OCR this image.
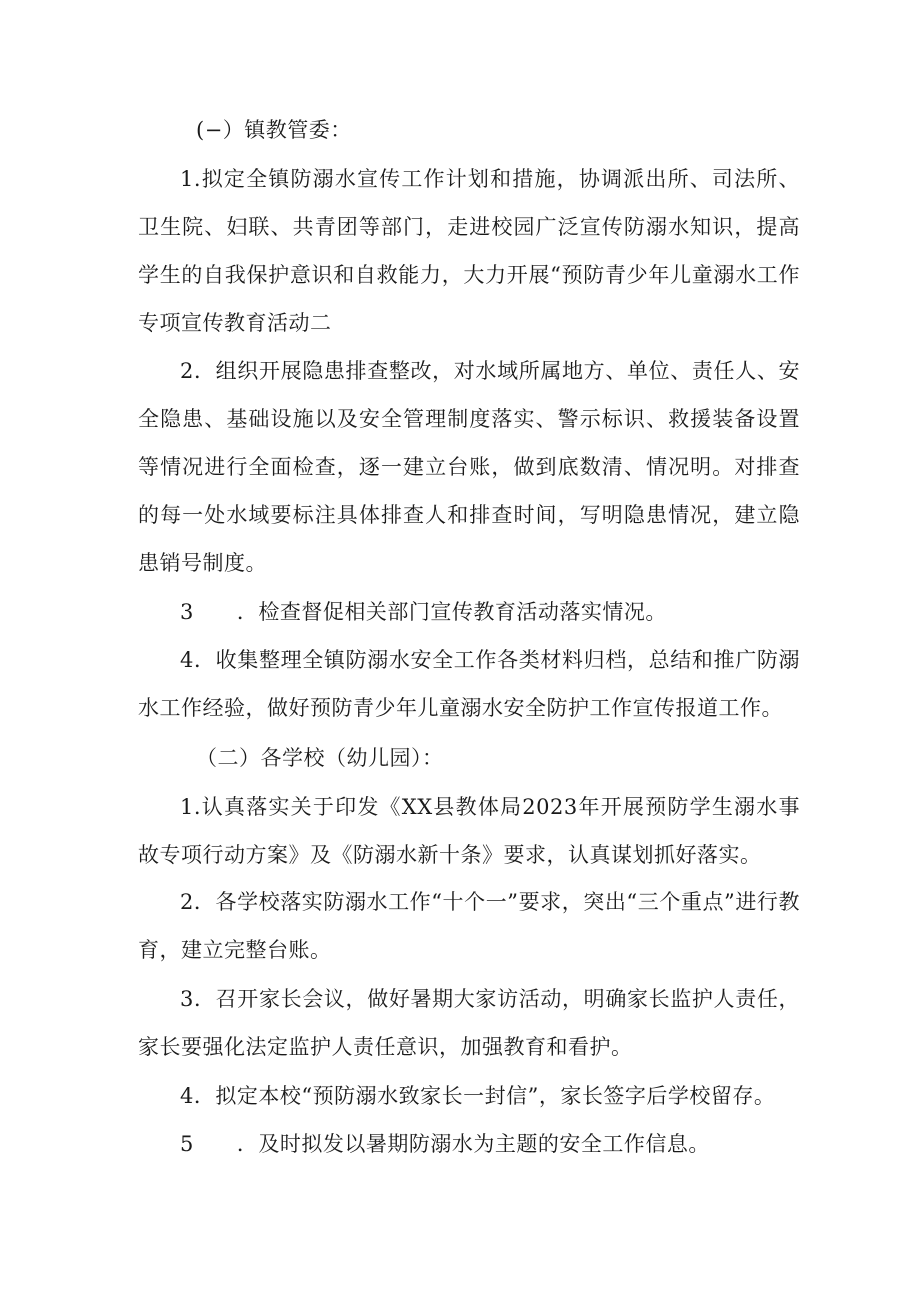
(−）镇教管委：

1.拟定全镇防溺水宣传工作计划和措施，协调派出所、司法所、卫生院、妇联、共青团等部门，走进校园广泛宣传防溺水知识，提高学生的自我保护意识和自救能力，大力开展“预防青少年儿童溺水工作专项宣传教育活动二

2．组织开展隐患排查整改，对水域所属地方、单位、责任人、安全隐患、基础设施以及安全管理制度落实、警示标识、救援装备设置等情况进行全面检查，逐一建立台账，做到底数清、情况明。对排查的每一处水域要标注具体排查人和排查时间，写明隐患情况，建立隐患销号制度。

3　　．检查督促相关部门宣传教育活动落实情况。

4．收集整理全镇防溺水安全工作各类材料归档，总结和推广防溺水工作经验，做好预防青少年儿童溺水安全防护工作宣传报道工作。

（二）各学校（幼儿园）：

1.认真落实关于印发《XX县教体局2023年开展预防学生溺水事故专项行动方案》及《防溺水新十条》要求，认真谋划抓好落实。

2．各学校落实防溺水工作“十个一”要求，突出“三个重点”进行教育，建立完整台账。

3．召开家长会议，做好暑期大家访活动，明确家长监护人责任，家长要强化法定监护人责任意识，加强教育和看护。

4．拟定本校“预防溺水致家长一封信”，家长签字后学校留存。

5　　．及时拟发以暑期防溺水为主题的安全工作信息。
